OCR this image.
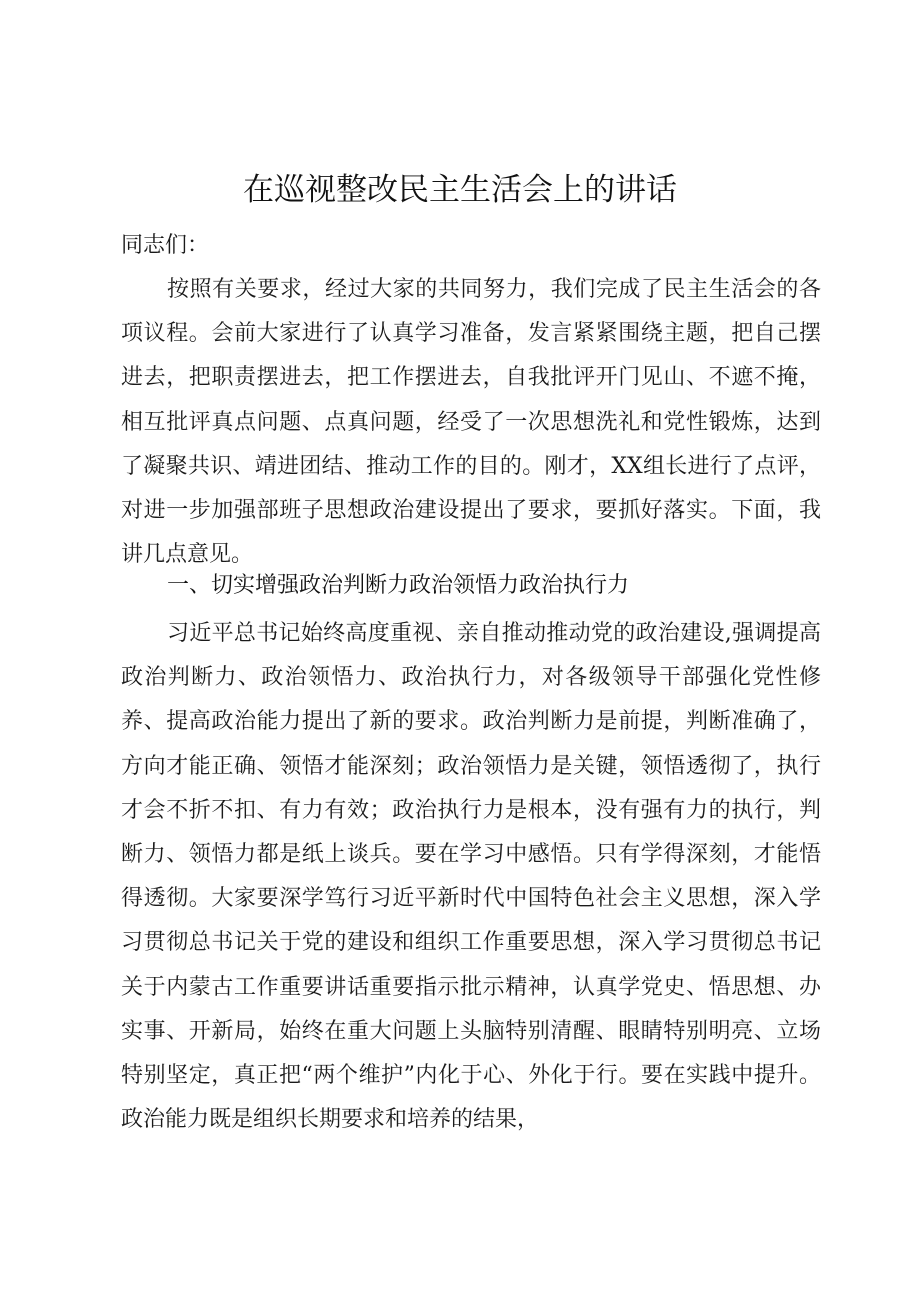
在巡视整改民主生活会上的讲话
同志们：
按照有关要求，经过大家的共同努力，我们完成了民主生活会的各项议程。会前大家进行了认真学习准备，发言紧紧围绕主题，把自己摆进去，把职责摆进去，把工作摆进去，自我批评开门见山、不遮不掩，相互批评真点问题、点真问题，经受了一次思想洗礼和党性锻炼，达到了凝聚共识、靖进团结、推动工作的目的。刚才，XX组长进行了点评，对进一步加强部班子思想政治建设提出了要求，要抓好落实。下面，我讲几点意见。
一、切实增强政治判断力政治领悟力政治执行力
习近平总书记始终高度重视、亲自推动推动党的政治建设,强调提高政治判断力、政治领悟力、政治执行力，对各级领导干部强化党性修养、提高政治能力提出了新的要求。政治判断力是前提，判断准确了，方向才能正确、领悟才能深刻；政治领悟力是关键，领悟透彻了，执行才会不折不扣、有力有效；政治执行力是根本，没有强有力的执行，判断力、领悟力都是纸上谈兵。要在学习中感悟。只有学得深刻，才能悟得透彻。大家要深学笃行习近平新时代中国特色社会主义思想，深入学习贯彻总书记关于党的建设和组织工作重要思想，深入学习贯彻总书记关于内蒙古工作重要讲话重要指示批示精神，认真学党史、悟思想、办实事、开新局，始终在重大问题上头脑特别清醒、眼睛特别明亮、立场特别坚定，真正把“两个维护”内化于心、外化于行。要在实践中提升。政治能力既是组织长期要求和培养的结果，
